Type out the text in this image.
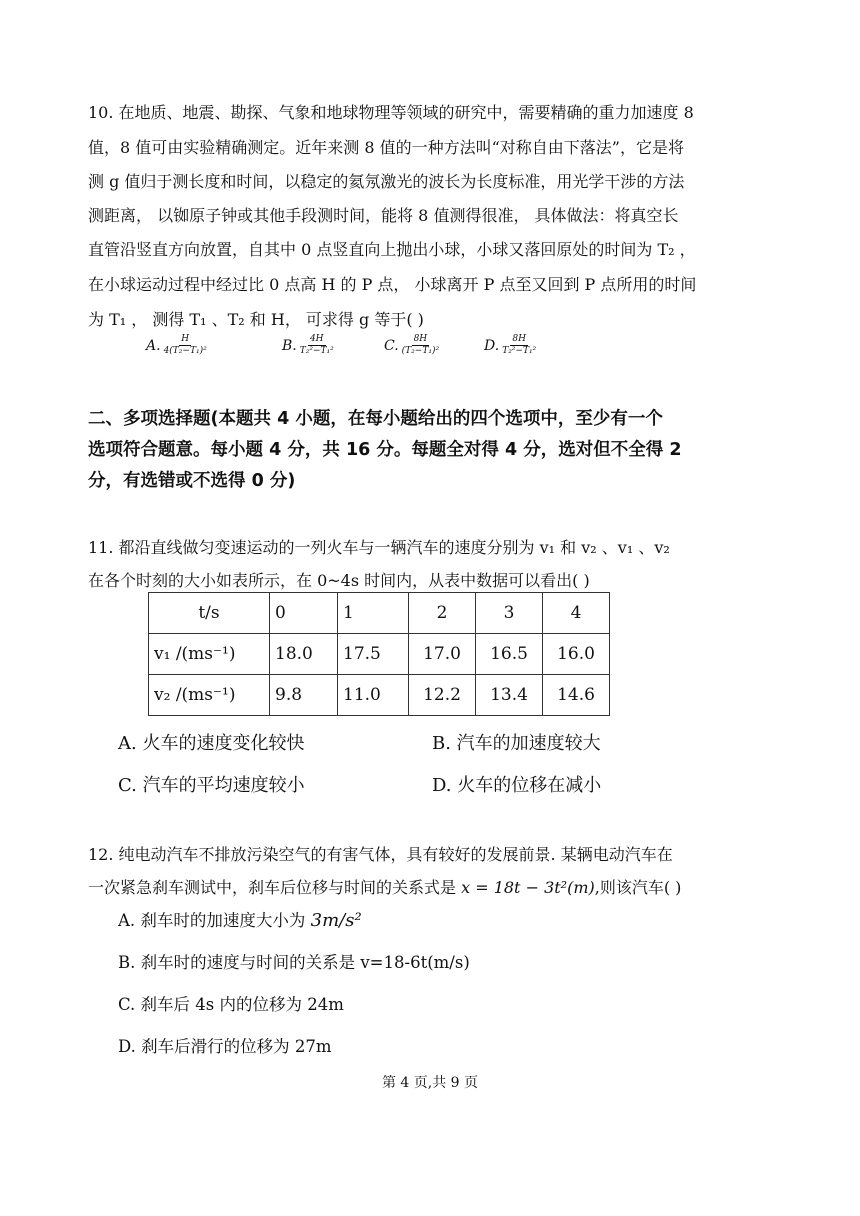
10. 在地质、地震、勘探、气象和地球物理等领域的研究中，需要精确的重力加速度 8
值，8 值可由实验精确测定。近年来测 8 值的一种方法叫“对称自由下落法”，它是将
测 g 值归于测长度和时间，以稳定的氦氖激光的波长为长度标准，用光学干涉的方法
测距离， 以铷原子钟或其他手段测时间，能将 8 值测得很准， 具体做法：将真空长
直管沿竖直方向放置，自其中 0 点竖直向上抛出小球，小球又落回原处的时间为 T₂ ，
在小球运动过程中经过比 0 点高 H 的 P 点， 小球离开 P 点至又回到 P 点所用的时间
为 T₁ ， 测得 T₁ 、T₂ 和 H， 可求得 g 等于( )
A. $\frac{H}{\text{4(T₂−T₁)²}}$	B. $\frac{4H}{\text{T₂²−T₁²}}$	C. $\frac{8H}{\text{(T₂−T₁)²}}$	D. $\frac{8H}{\text{T₂²−T₁²}}$
二、多项选择题(本题共 4 小题，在每小题给出的四个选项中，至少有一个
选项符合题意。每小题 4 分，共 16 分。每题全对得 4 分，选对但不全得 2
分，有选错或不选得 0 分)
11. 都沿直线做匀变速运动的一列火车与一辆汽车的速度分别为 v₁ 和 v₂ 、v₁ 、v₂
在各个时刻的大小如表所示，在 0~4s 时间内，从表中数据可以看出( )
t/s	0	1	2	3	4
v₁ /(ms⁻¹)	18.0	17.5	17.0	16.5	16.0
v₂ /(ms⁻¹)	9.8	11.0	12.2	13.4	14.6
A. 火车的速度变化较快	B. 汽车的加速度较大
C. 汽车的平均速度较小	D. 火车的位移在减小
12. 纯电动汽车不排放污染空气的有害气体，具有较好的发展前景. 某辆电动汽车在
一次紧急刹车测试中，刹车后位移与时间的关系式是 x = 18t − 3t²(m),则该汽车( )
A. 刹车时的加速度大小为 3m/s²
B. 刹车时的速度与时间的关系是 v=18-6t(m/s)
C. 刹车后 4s 内的位移为 24m
D. 刹车后滑行的位移为 27m
第 4 页,共 9 页
